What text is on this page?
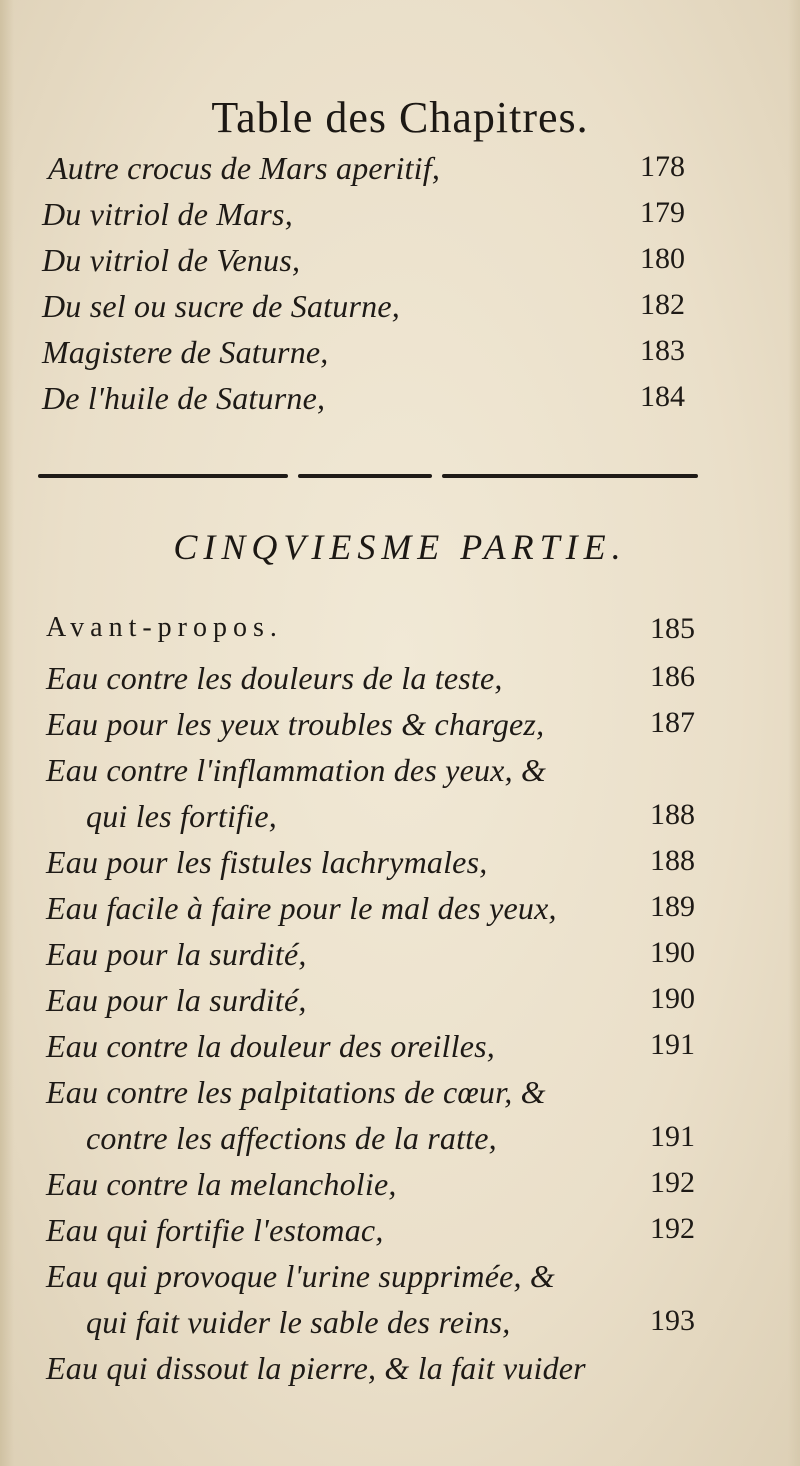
Table des Chapitres.
Autre crocus de Mars aperitif,	178
Du vitriol de Mars,	179
Du vitriol de Venus,	180
Du sel ou sucre de Saturne,	182
Magistere de Saturne,	183
De l'huile de Saturne,	184
CINQVIESME PARTIE.
Avant-propos.	185
Eau contre les douleurs de la teste,	186
Eau pour les yeux troubles & chargez,	187
Eau contre l'inflammation des yeux, &
qui les fortifie,	188
Eau pour les fistules lachrymales,	188
Eau facile à faire pour le mal des yeux,	189
Eau pour la surdité,	190
Eau pour la surdité,	190
Eau contre la douleur des oreilles,	191
Eau contre les palpitations de cœur, &
contre les affections de la ratte,	191
Eau contre la melancholie,	192
Eau qui fortifie l'estomac,	192
Eau qui provoque l'urine supprimée, &
qui fait vuider le sable des reins,	193
Eau qui dissout la pierre, & la fait vuider
